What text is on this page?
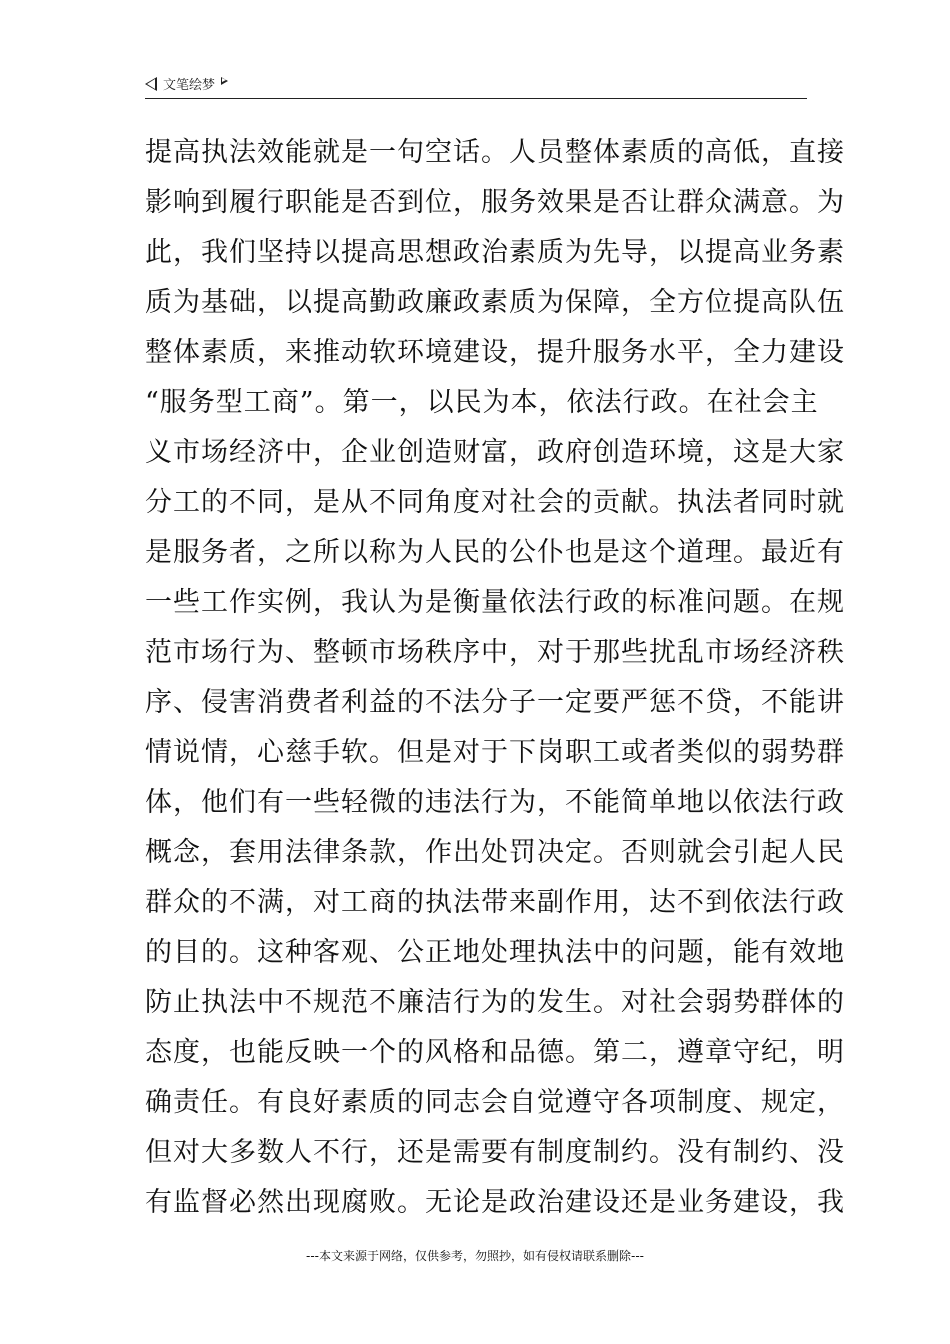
文笔绘梦
提高执法效能就是一句空话。人员整体素质的高低，直接
影响到履行职能是否到位，服务效果是否让群众满意。为
此，我们坚持以提高思想政治素质为先导，以提高业务素
质为基础，以提高勤政廉政素质为保障，全方位提高队伍
整体素质，来推动软环境建设，提升服务水平，全力建设
“服务型工商”。第一，以民为本，依法行政。在社会主
义市场经济中，企业创造财富，政府创造环境，这是大家
分工的不同，是从不同角度对社会的贡献。执法者同时就
是服务者，之所以称为人民的公仆也是这个道理。最近有
一些工作实例，我认为是衡量依法行政的标准问题。在规
范市场行为、整顿市场秩序中，对于那些扰乱市场经济秩
序、侵害消费者利益的不法分子一定要严惩不贷，不能讲
情说情，心慈手软。但是对于下岗职工或者类似的弱势群
体，他们有一些轻微的违法行为，不能简单地以依法行政
概念，套用法律条款，作出处罚决定。否则就会引起人民
群众的不满，对工商的执法带来副作用，达不到依法行政
的目的。这种客观、公正地处理执法中的问题，能有效地
防止执法中不规范不廉洁行为的发生。对社会弱势群体的
态度，也能反映一个的风格和品德。第二，遵章守纪，明
确责任。有良好素质的同志会自觉遵守各项制度、规定，
但对大多数人不行，还是需要有制度制约。没有制约、没
有监督必然出现腐败。无论是政治建设还是业务建设，我
---本文来源于网络，仅供参考，勿照抄，如有侵权请联系删除---
